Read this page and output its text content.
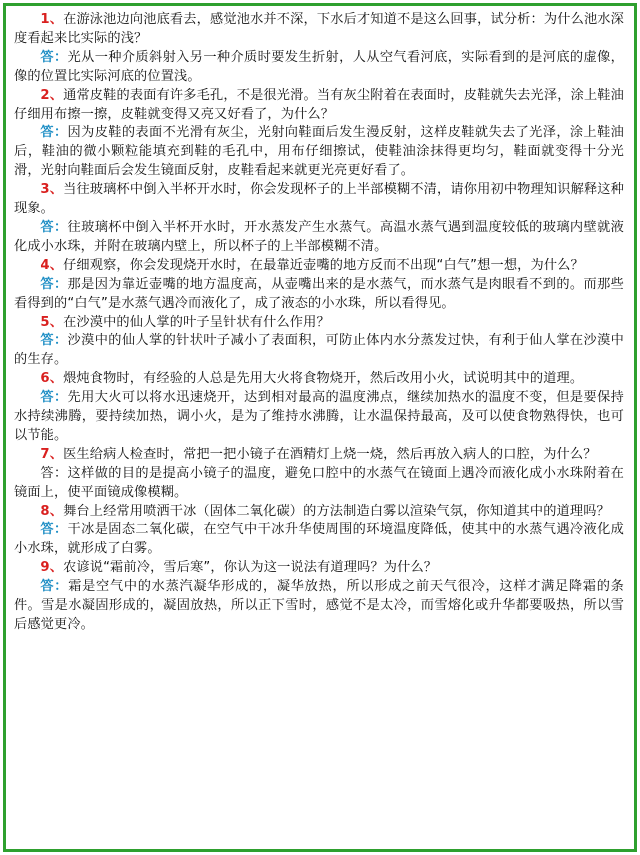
1、在游泳池边向池底看去，感觉池水并不深，下水后才知道不是这么回事，试分析：为什么池水深度看起来比实际的浅？

答：光从一种介质斜射入另一种介质时要发生折射，人从空气看河底，实际看到的是河底的虚像，像的位置比实际河底的位置浅。

2、通常皮鞋的表面有许多毛孔，不是很光滑。当有灰尘附着在表面时，皮鞋就失去光泽，涂上鞋油仔细用布擦一擦，皮鞋就变得又亮又好看了，为什么？

答：因为皮鞋的表面不光滑有灰尘，光射向鞋面后发生漫反射，这样皮鞋就失去了光泽，涂上鞋油后，鞋油的微小颗粒能填充到鞋的毛孔中，用布仔细擦试，使鞋油涂抹得更均匀，鞋面就变得十分光滑，光射向鞋面后会发生镜面反射，皮鞋看起来就更光亮更好看了。

3、当往玻璃杯中倒入半杯开水时，你会发现杯子的上半部模糊不清，请你用初中物理知识解释这种现象。

答：往玻璃杯中倒入半杯开水时，开水蒸发产生水蒸气。高温水蒸气遇到温度较低的玻璃内壁就液化成小水珠，并附在玻璃内壁上，所以杯子的上半部模糊不清。

4、仔细观察，你会发现烧开水时，在最靠近壶嘴的地方反而不出现“白气”想一想，为什么？

答：那是因为靠近壶嘴的地方温度高，从壶嘴出来的是水蒸气，而水蒸气是肉眼看不到的。而那些看得到的“白气”是水蒸气遇冷而液化了，成了液态的小水珠，所以看得见。

5、在沙漠中的仙人掌的叶子呈针状有什么作用？

答：沙漠中的仙人掌的针状叶子减小了表面积，可防止体内水分蒸发过快，有利于仙人掌在沙漠中的生存。

6、煨炖食物时，有经验的人总是先用大火将食物烧开，然后改用小火，试说明其中的道理。

答：先用大火可以将水迅速烧开，达到相对最高的温度沸点，继续加热水的温度不变，但是要保持水持续沸腾，要持续加热，调小火，是为了维持水沸腾，让水温保持最高，及可以使食物熟得快，也可以节能。

7、医生给病人检查时，常把一把小镜子在酒精灯上烧一烧，然后再放入病人的口腔，为什么？

答：这样做的目的是提高小镜子的温度，避免口腔中的水蒸气在镜面上遇冷而液化成小水珠附着在镜面上，使平面镜成像模糊。

8、舞台上经常用喷洒干冰（固体二氧化碳）的方法制造白雾以渲染气氛，你知道其中的道理吗？

答：干冰是固态二氧化碳，在空气中干冰升华使周围的环境温度降低，使其中的水蒸气遇冷液化成小水珠，就形成了白雾。

9、农谚说“霜前冷，雪后寒”，你认为这一说法有道理吗？为什么？

答：霜是空气中的水蒸汽凝华形成的，凝华放热，所以形成之前天气很冷，这样才满足降霜的条件。雪是水凝固形成的，凝固放热，所以正下雪时，感觉不是太冷，而雪熔化或升华都要吸热，所以雪后感觉更冷。
